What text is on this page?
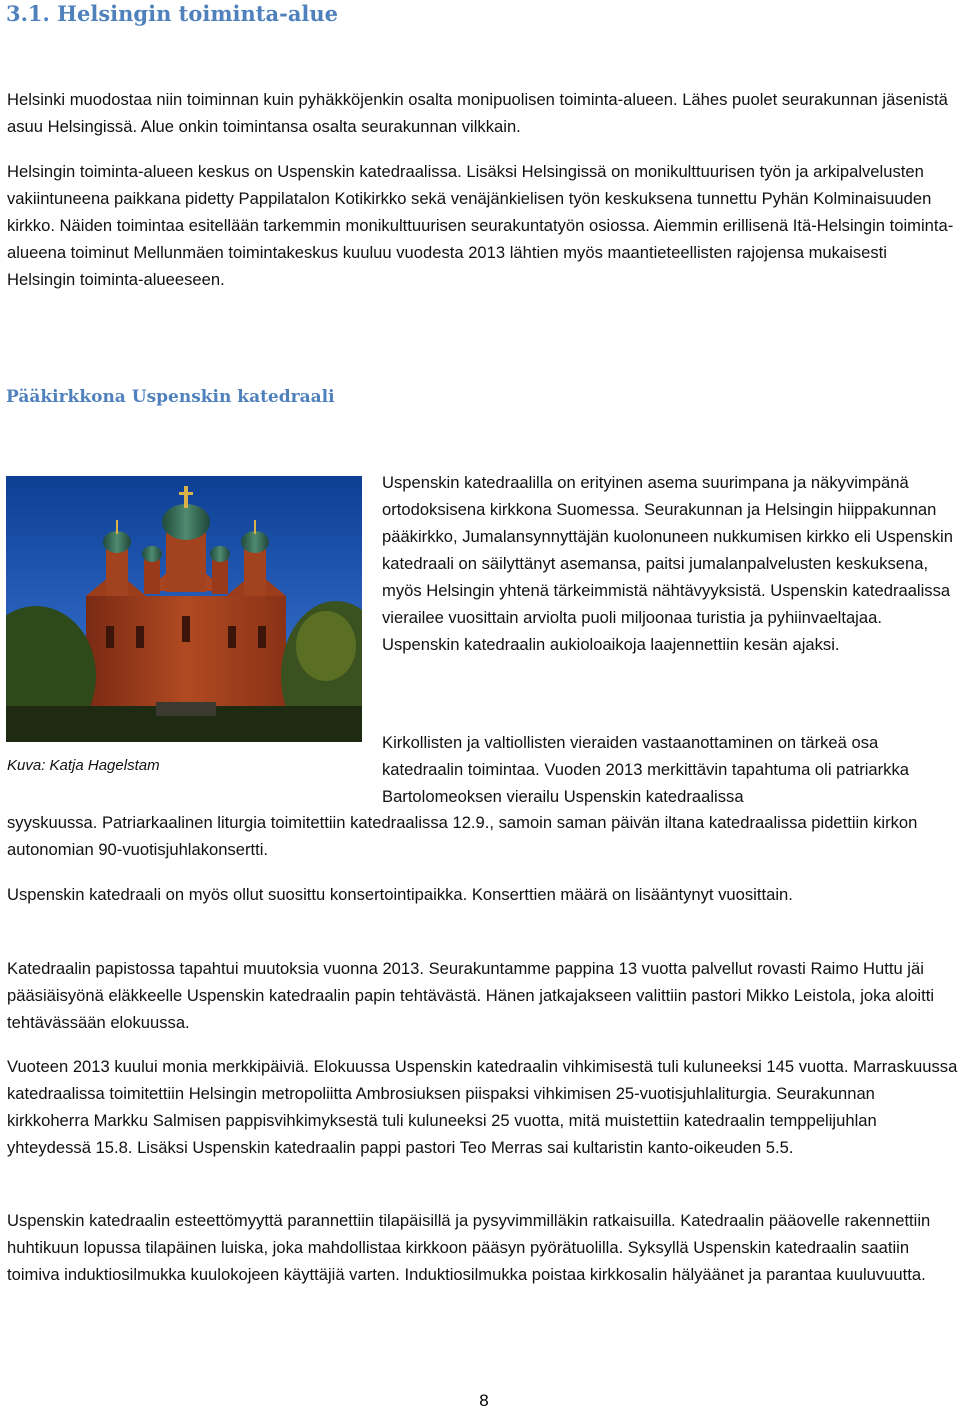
3.1. Helsingin toiminta-alue

Helsinki muodostaa niin toiminnan kuin pyhäkköjenkin osalta monipuolisen toiminta-alueen. Lähes puolet seurakunnan jäsenistä asuu Helsingissä. Alue onkin toimintansa osalta seurakunnan vilkkain.

Helsingin toiminta-alueen keskus on Uspenskin katedraalissa. Lisäksi Helsingissä on monikulttuurisen työn ja arkipalvelusten vakiintuneena paikkana pidetty Pappilatalon Kotikirkko sekä venäjänkielisen työn keskuksena tunnettu Pyhän Kolminaisuuden kirkko. Näiden toimintaa esitellään tarkemmin monikulttuurisen seurakuntatyön osiossa. Aiemmin erillisenä Itä-Helsingin toiminta-alueena toiminut Mellunmäen toimintakeskus kuuluu vuodesta 2013 lähtien myös maantieteellisten rajojensa mukaisesti Helsingin toiminta-alueeseen.

Pääkirkkona Uspenskin katedraali

Kuva: Katja Hagelstam

Uspenskin katedraalilla on erityinen asema suurimpana ja näkyvimpänä ortodoksisena kirkkona Suomessa. Seurakunnan ja Helsingin hiippakunnan pääkirkko, Jumalansynnyttäjän kuolonuneen nukkumisen kirkko eli Uspenskin katedraali on säilyttänyt asemansa, paitsi jumalanpalvelusten keskuksena, myös Helsingin yhtenä tärkeimmistä nähtävyyksistä. Uspenskin katedraalissa vierailee vuosittain arviolta puoli miljoonaa turistia ja pyhiinvaeltajaa. Uspenskin katedraalin aukioloaikoja laajennettiin kesän ajaksi.

Kirkollisten ja valtiollisten vieraiden vastaanottaminen on tärkeä osa katedraalin toimintaa. Vuoden 2013 merkittävin tapahtuma oli patriarkka Bartolomeoksen vierailu Uspenskin katedraalissa

syyskuussa. Patriarkaalinen liturgia toimitettiin katedraalissa 12.9., samoin saman päivän iltana katedraalissa pidettiin kirkon autonomian 90-vuotisjuhlakonsertti.

Uspenskin katedraali on myös ollut suosittu konsertointipaikka. Konserttien määrä on lisääntynyt vuosittain.

Katedraalin papistossa tapahtui muutoksia vuonna 2013. Seurakuntamme pappina 13 vuotta palvellut rovasti Raimo Huttu jäi pääsiäisyönä eläkkeelle Uspenskin katedraalin papin tehtävästä. Hänen jatkajakseen valittiin pastori Mikko Leistola, joka aloitti tehtävässään elokuussa.

Vuoteen 2013 kuului monia merkkipäiviä. Elokuussa Uspenskin katedraalin vihkimisestä tuli kuluneeksi 145 vuotta. Marraskuussa katedraalissa toimitettiin Helsingin metropoliitta Ambrosiuksen piispaksi vihkimisen 25-vuotisjuhlaliturgia. Seurakunnan kirkkoherra Markku Salmisen pappisvihkimyksestä tuli kuluneeksi 25 vuotta, mitä muistettiin katedraalin temppelijuhlan yhteydessä 15.8. Lisäksi Uspenskin katedraalin pappi pastori Teo Merras sai kultaristin kanto-oikeuden 5.5.

Uspenskin katedraalin esteettömyyttä parannettiin tilapäisillä ja pysyvimmilläkin ratkaisuilla. Katedraalin pääovelle rakennettiin huhtikuun lopussa tilapäinen luiska, joka mahdollistaa kirkkoon pääsyn pyörätuolilla. Syksyllä Uspenskin katedraalin saatiin toimiva induktiosilmukka kuulokojeen käyttäjiä varten. Induktiosilmukka poistaa kirkkosalin hälyäänet ja parantaa kuuluvuutta.

8
